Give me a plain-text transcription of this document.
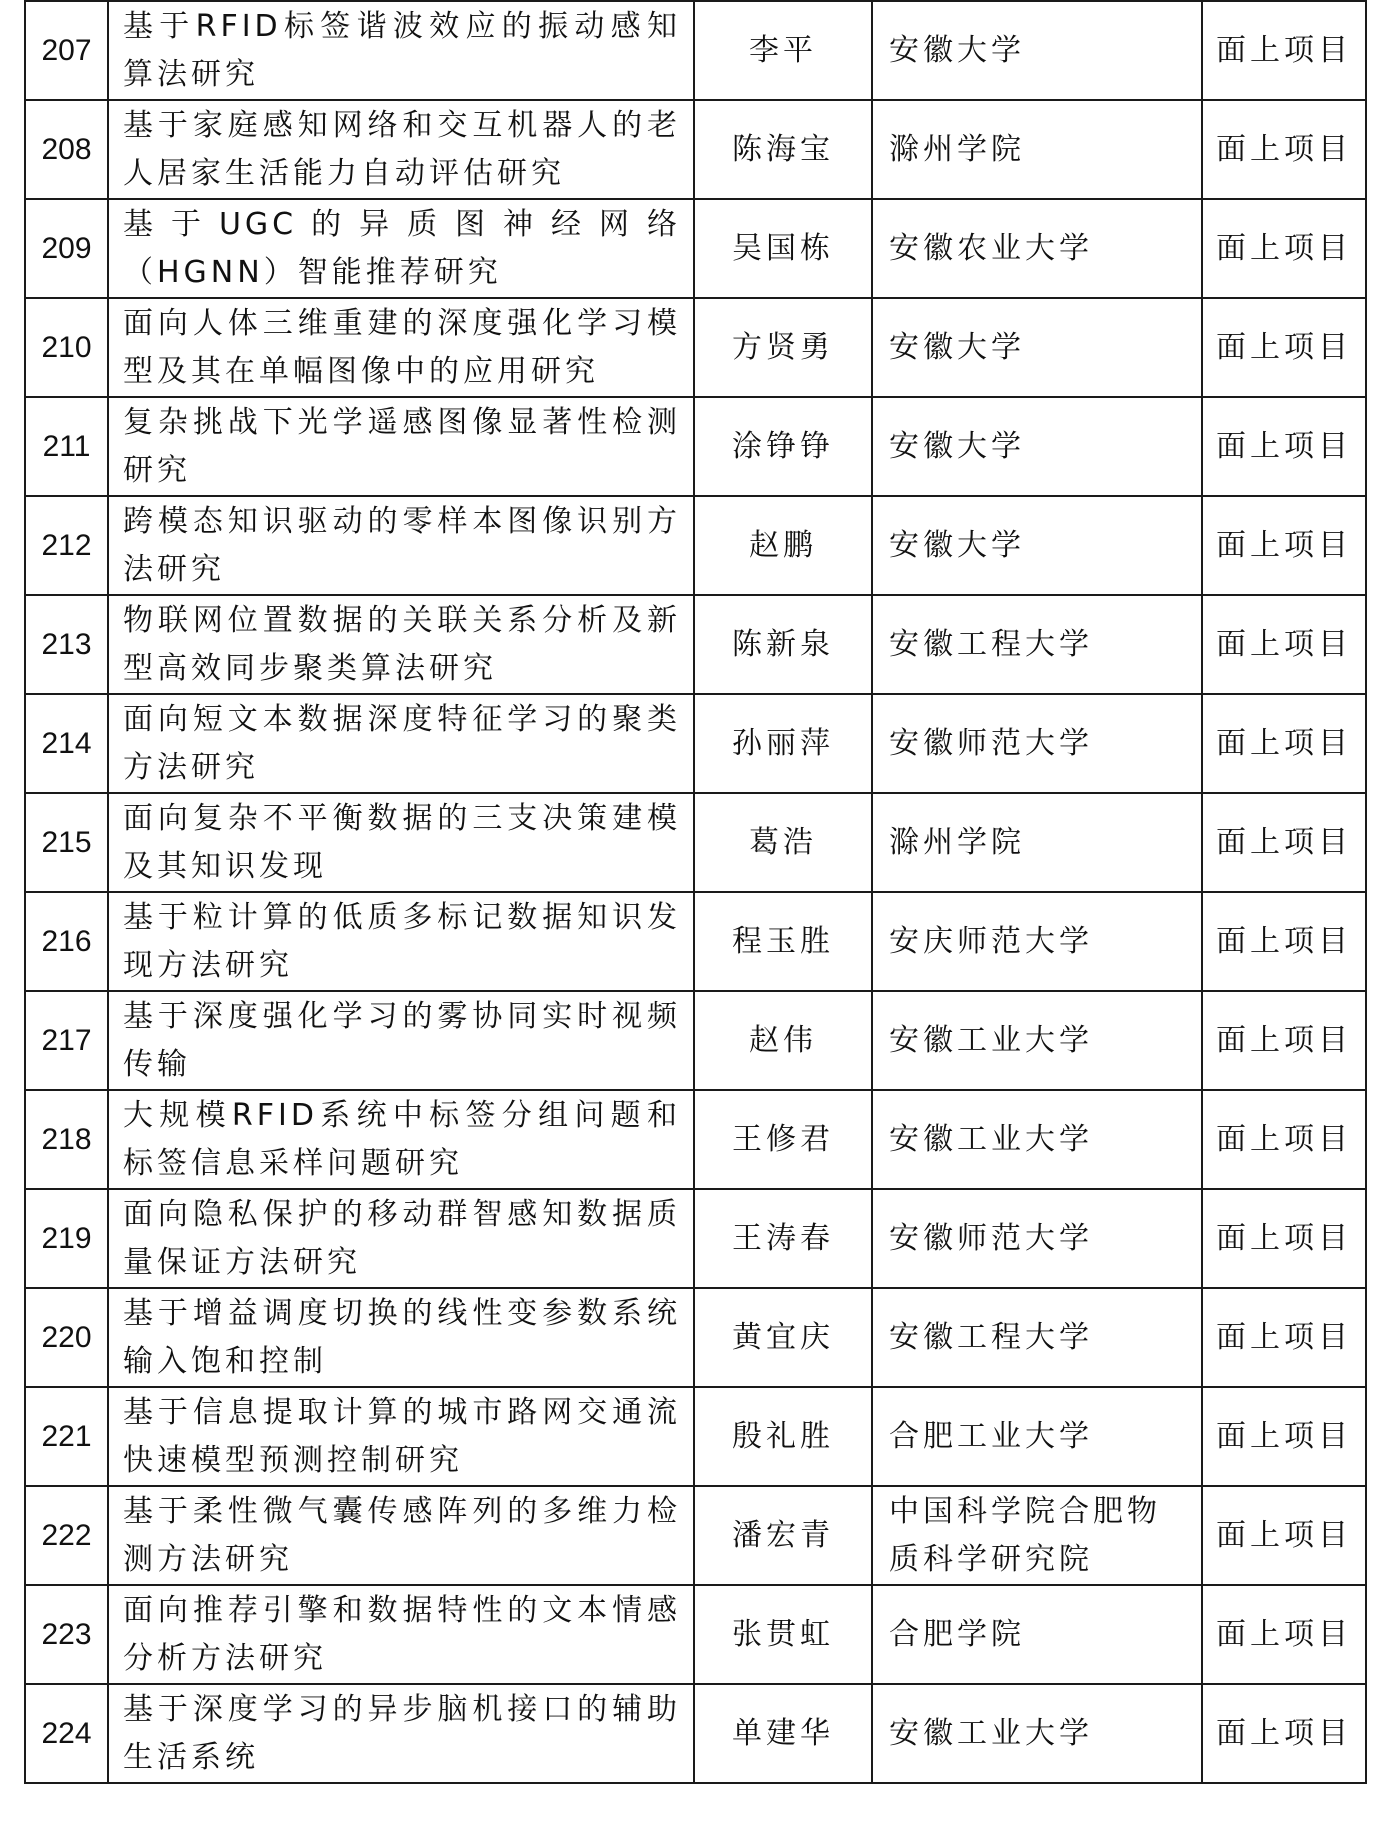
207	基于RFID标签谐波效应的振动感知算法研究	李平	安徽大学	面上项目
208	基于家庭感知网络和交互机器人的老人居家生活能力自动评估研究	陈海宝	滁州学院	面上项目
209	基于UGC的异质图神经网络（HGNN）智能推荐研究	吴国栋	安徽农业大学	面上项目
210	面向人体三维重建的深度强化学习模型及其在单幅图像中的应用研究	方贤勇	安徽大学	面上项目
211	复杂挑战下光学遥感图像显著性检测研究	涂铮铮	安徽大学	面上项目
212	跨模态知识驱动的零样本图像识别方法研究	赵鹏	安徽大学	面上项目
213	物联网位置数据的关联关系分析及新型高效同步聚类算法研究	陈新泉	安徽工程大学	面上项目
214	面向短文本数据深度特征学习的聚类方法研究	孙丽萍	安徽师范大学	面上项目
215	面向复杂不平衡数据的三支决策建模及其知识发现	葛浩	滁州学院	面上项目
216	基于粒计算的低质多标记数据知识发现方法研究	程玉胜	安庆师范大学	面上项目
217	基于深度强化学习的雾协同实时视频传输	赵伟	安徽工业大学	面上项目
218	大规模RFID系统中标签分组问题和标签信息采样问题研究	王修君	安徽工业大学	面上项目
219	面向隐私保护的移动群智感知数据质量保证方法研究	王涛春	安徽师范大学	面上项目
220	基于增益调度切换的线性变参数系统输入饱和控制	黄宜庆	安徽工程大学	面上项目
221	基于信息提取计算的城市路网交通流快速模型预测控制研究	殷礼胜	合肥工业大学	面上项目
222	基于柔性微气囊传感阵列的多维力检测方法研究	潘宏青	中国科学院合肥物质科学研究院	面上项目
223	面向推荐引擎和数据特性的文本情感分析方法研究	张贯虹	合肥学院	面上项目
224	基于深度学习的异步脑机接口的辅助生活系统	单建华	安徽工业大学	面上项目
